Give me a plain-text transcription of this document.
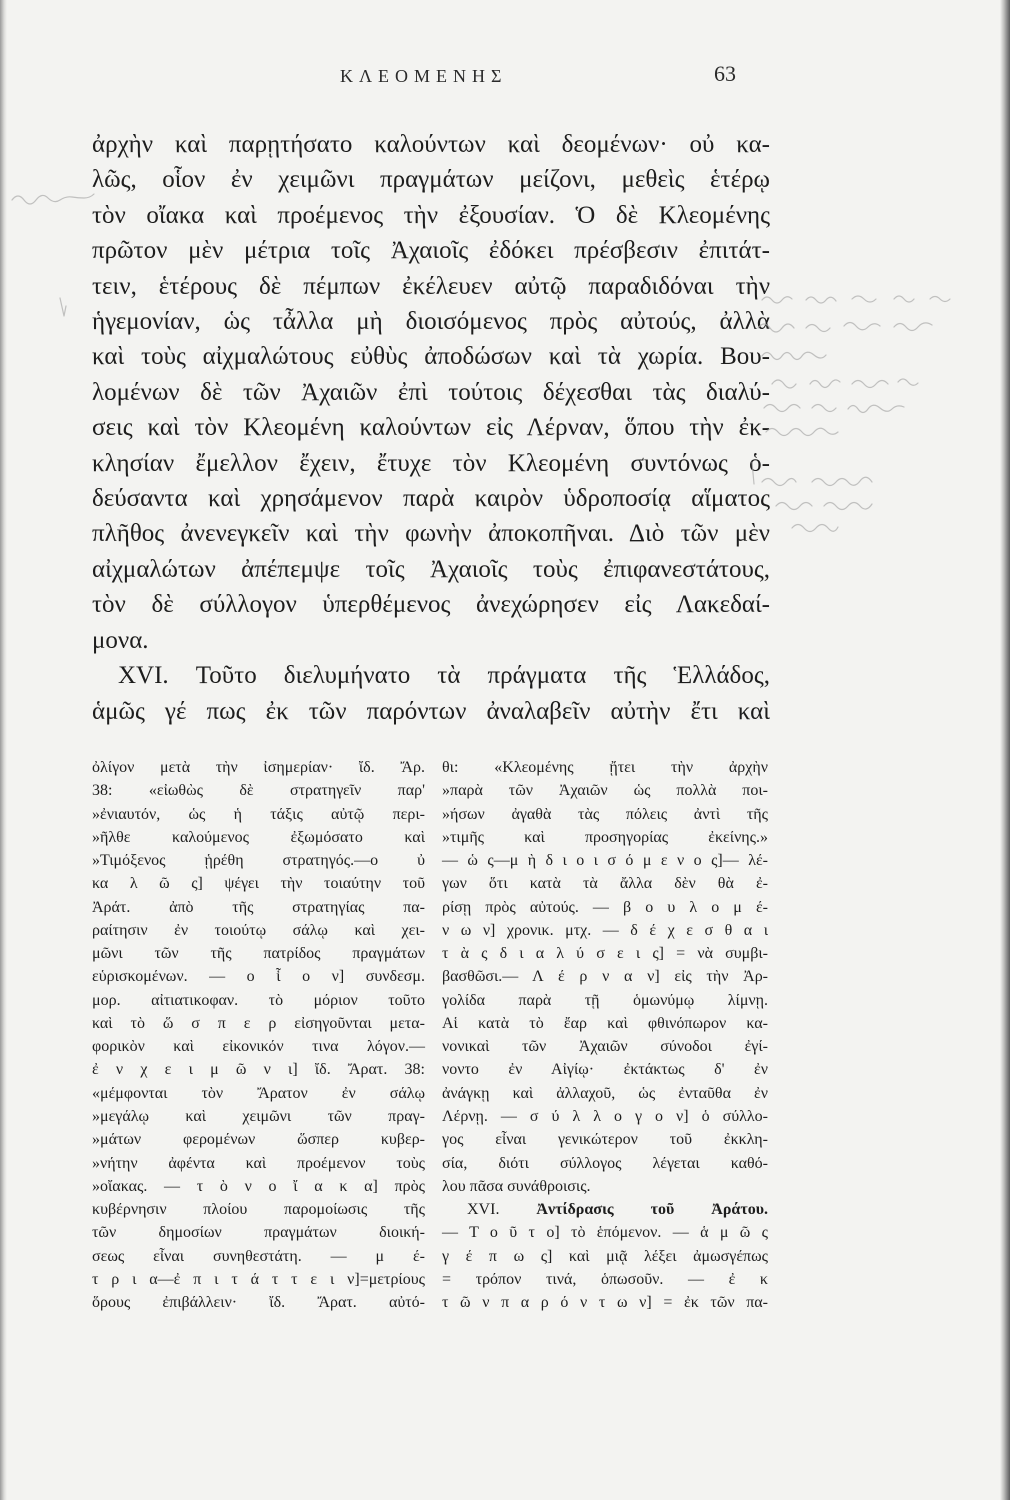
ΚΛΕΟΜΕΝΗΣ	63
ἀρχὴν καὶ παρῃτήσατο καλούντων καὶ δεομένων· οὐ κα-
λῶς, οἷον ἐν χειμῶνι πραγμάτων μείζονι, μεθεὶς ἑτέρῳ
τὸν οἴακα καὶ προέμενος τὴν ἐξουσίαν. Ὁ δὲ Κλεομένης
πρῶτον μὲν μέτρια τοῖς Ἀχαιοῖς ἐδόκει πρέσβεσιν ἐπιτάτ-
τειν, ἑτέρους δὲ πέμπων ἐκέλευεν αὐτῷ παραδιδόναι τὴν
ἡγεμονίαν, ὡς τἆλλα μὴ διοισόμενος πρὸς αὐτούς, ἀλλὰ
καὶ τοὺς αἰχμαλώτους εὐθὺς ἀποδώσων καὶ τὰ χωρία. Βου-
λομένων δὲ τῶν Ἀχαιῶν ἐπὶ τούτοις δέχεσθαι τὰς διαλύ-
σεις καὶ τὸν Κλεομένη καλούντων εἰς Λέρναν, ὅπου τὴν ἐκ-
κλησίαν ἔμελλον ἔχειν, ἔτυχε τὸν Κλεομένη συντόνως ὁ-
δεύσαντα καὶ χρησάμενον παρὰ καιρὸν ὑδροποσίᾳ αἵματος
πλῆθος ἀνενεγκεῖν καὶ τὴν φωνὴν ἀποκοπῆναι. Διὸ τῶν μὲν
αἰχμαλώτων ἀπέπεμψε τοῖς Ἀχαιοῖς τοὺς ἐπιφανεστάτους,
τὸν δὲ σύλλογον ὑπερθέμενος ἀνεχώρησεν εἰς Λακεδαί-
μονα.
XVI. Τοῦτο διελυμήνατο τὰ πράγματα τῆς Ἑλλάδος,
ἁμῶς γέ πως ἐκ τῶν παρόντων ἀναλαβεῖν αὐτὴν ἔτι καὶ
ὀλίγον μετὰ τὴν ἰσημερίαν· ἴδ. Ἄρ.
38: «εἰωθὼς δὲ στρατηγεῖν παρ'
»ἐνιαυτόν, ὡς ἡ τάξις αὐτῷ περι-
»ῆλθε καλούμενος ἐξωμόσατο καὶ
»Τιμόξενος ᾑρέθη στρατηγός.—ο ὐ
κα λ ῶ ς] ψέγει τὴν τοιαύτην τοῦ
Ἀράτ. ἀπὸ τῆς στρατηγίας πα-
ραίτησιν ἐν τοιούτῳ σάλῳ καὶ χει-
μῶνι τῶν τῆς πατρίδος πραγμάτων
εὑρισκομένων. — ο ἷ ο ν] συνδεσμ.
μορ. αἰτιατικοφαν. τὸ μόριον τοῦτο
καὶ τὸ ὥ σ π ε ρ εἰσηγοῦνται μετα-
φορικὸν καὶ εἰκονικόν τινα λόγον.—
ἐ ν χ ε ι μ ῶ ν ι] ἴδ. Ἄρατ. 38:
«μέμφονται τὸν Ἄρατον ἐν σάλῳ
»μεγάλῳ καὶ χειμῶνι τῶν πραγ-
»μάτων φερομένων ὥσπερ κυβερ-
»νήτην ἀφέντα καὶ προέμενον τοὺς
»οἴακας. — τ ὸ ν ο ἴ α κ α] πρὸς
κυβέρνησιν πλοίου παρομοίωσις τῆς
τῶν δημοσίων πραγμάτων διοική-
σεως εἶναι συνηθεστάτη. — μ έ-
τ ρ ι α—ἐ π ι τ ά τ τ ε ι ν]=μετρίους
ὅρους ἐπιβάλλειν· ἴδ. Ἄρατ. αὐτό-
θι: «Κλεομένης ᾔτει τὴν ἀρχὴν
»παρὰ τῶν Ἀχαιῶν ὡς πολλὰ ποι-
»ήσων ἀγαθὰ τὰς πόλεις ἀντὶ τῆς
»τιμῆς καὶ προσηγορίας ἐκείνης.»
— ὡ ς—μ ὴ δ ι ο ι σ ό μ ε ν ο ς]— λέ-
γων ὅτι κατὰ τὰ ἄλλα δὲν θὰ ἐ-
ρίσῃ πρὸς αὐτούς. — β ο υ λ ο μ έ-
ν ω ν] χρονικ. μτχ. — δ έ χ ε σ θ α ι
τ ὰ ς δ ι α λ ύ σ ε ι ς] = νὰ συμβι-
βασθῶσι.— Λ έ ρ ν α ν] εἰς τὴν Ἀρ-
γολίδα παρὰ τῇ ὁμωνύμῳ λίμνῃ.
Αἱ κατὰ τὸ ἔαρ καὶ φθινόπωρον κα-
νονικαὶ τῶν Ἀχαιῶν σύνοδοι ἐγί-
νοντο ἐν Αἰγίῳ· ἐκτάκτως δ' ἐν
ἀνάγκῃ καὶ ἀλλαχοῦ, ὡς ἐνταῦθα ἐν
Λέρνῃ. — σ ύ λ λ ο γ ο ν] ὁ σύλλο-
γος εἶναι γενικώτερον τοῦ ἐκκλη-
σία, διότι σύλλογος λέγεται καθό-
λου πᾶσα συνάθροισις.
XVI. Ἀντίδρασις τοῦ Ἀράτου.
— Τ ο ῦ τ ο] τὸ ἑπόμενον. — ἁ μ ῶ ς
γ έ π ω ς] καὶ μιᾷ λέξει ἀμωσγέπως
= τρόπον τινά, ὁπωσοῦν. — ἐ κ
τ ῶ ν π α ρ ό ν τ ω ν] = ἐκ τῶν πα-
